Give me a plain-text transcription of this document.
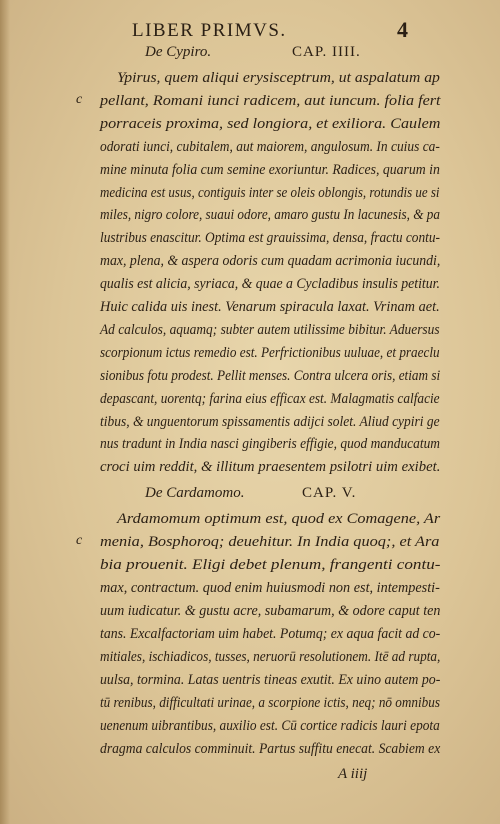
LIBER PRIMVS.	4
De Cypiro.	CAP. IIII.
c
Ypirus, quem aliqui erysisceptrum, ut aspalatum ap
pellant, Romani iunci radicem, aut iuncum. folia fert
porraceis proxima, sed longiora, et exiliora. Caulem
odorati iunci, cubitalem, aut maiorem, angulosum. In cuius ca-
mine minuta folia cum semine exoriuntur. Radices, quarum in
medicina est usus, contiguis inter se oleis oblongis, rotundis ue si
miles, nigro colore, suaui odore, amaro gustu In lacunesis, & pa
lustribus enascitur. Optima est grauissima, densa, fractu contu-
max, plena, & aspera odoris cum quadam acrimonia iucundi,
qualis est alicia, syriaca, & quae a Cycladibus insulis petitur.
Huic calida uis inest. Venarum spiracula laxat. Vrinam aet.
Ad calculos, aquamq; subter autem utilissime bibitur. Aduersus
scorpionum ictus remedio est. Perfrictionibus uuluae, et praeclu
sionibus fotu prodest. Pellit menses. Contra ulcera oris, etiam si
depascant, uorentq; farina eius efficax est. Malagmatis calfacie
tibus, & unguentorum spissamentis adijci solet. Aliud cypiri ge
nus tradunt in India nasci gingiberis effigie, quod manducatum
croci uim reddit, & illitum praesentem psilotri uim exibet.
De Cardamomo.	CAP. V.
c
Ardamomum optimum est, quod ex Comagene, Ar
menia, Bosphoroq; deuehitur. In India quoq;, et Ara
bia prouenit. Eligi debet plenum, frangenti contu-
max, contractum. quod enim huiusmodi non est, intempesti-
uum iudicatur. & gustu acre, subamarum, & odore caput ten
tans. Excalfactoriam uim habet. Potumq; ex aqua facit ad co-
mitiales, ischiadicos, tusses, neruorū resolutionem. Itē ad rupta,
uulsa, tormina. Latas uentris tineas exutit. Ex uino autem po-
tū renibus, difficultati urinae, a scorpione ictis, neq; nō omnibus
uenenum uibrantibus, auxilio est. Cū cortice radicis lauri epota
dragma calculos comminuit. Partus suffitu enecat. Scabiem ex
A iiij
